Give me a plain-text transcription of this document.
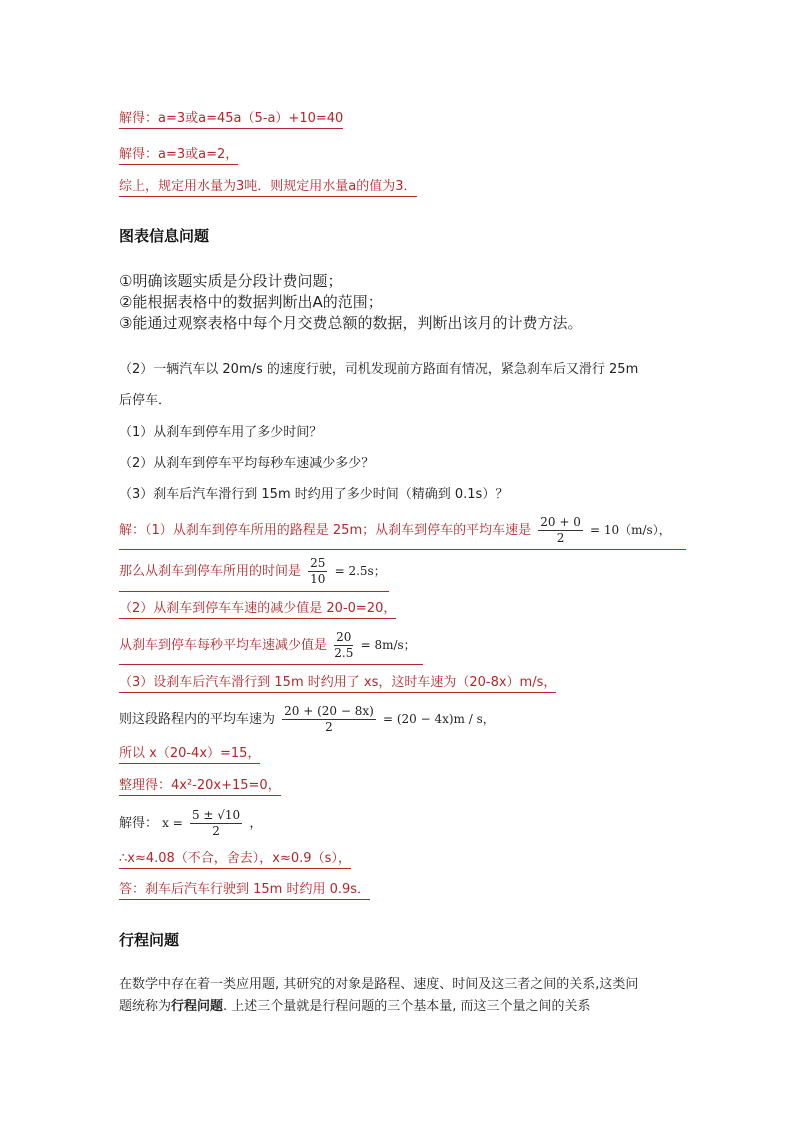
解得：a=3或a=45a（5-a）+10=40
解得：a=3或a=2，
综上，规定用水量为3吨．则规定用水量a的值为3．
图表信息问题
①明确该题实质是分段计费问题；
②能根据表格中的数据判断出A的范围；
③能通过观察表格中每个月交费总额的数据，判断出该月的计费方法。
（2）一辆汽车以 20m/s 的速度行驶，司机发现前方路面有情况，紧急刹车后又滑行 25m
后停车．
（1）从刹车到停车用了多少时间？
（2）从刹车到停车平均每秒车速减少多少？
（3）刹车后汽车滑行到 15m 时约用了多少时间（精确到 0.1s）？
解：（1）从刹车到停车所用的路程是 25m；从刹车到停车的平均车速是 $\frac{20 + 0}{2} = 10(m/s)$，
那么从刹车到停车所用的时间是 $\frac{25}{10} = 2.5s$；
（2）从刹车到停车车速的减少值是 20-0=20，
从刹车到停车每秒平均车速减少值是 $\frac{20}{2.5} = 8m/s$；
（3）设刹车后汽车滑行到 15m 时约用了 xs，这时车速为（20-8x）m/s，
则这段路程内的平均车速为 $\frac{20 + (20 - 8x)}{2} = (20 - 4x)m / s$，
所以 x（20-4x）=15，
整理得：4x²-20x+15=0，
解得： $x = \frac{5 \pm √10}{2}$ ，
∴x≈4.08（不合，舍去），x≈0.9（s），
答：刹车后汽车行驶到 15m 时约用 0.9s．
行程问题
在数学中存在着一类应用题, 其研究的对象是路程、速度、时间及这三者之间的关系,这类问
题统称为行程问题. 上述三个量就是行程问题的三个基本量, 而这三个量之间的关系
